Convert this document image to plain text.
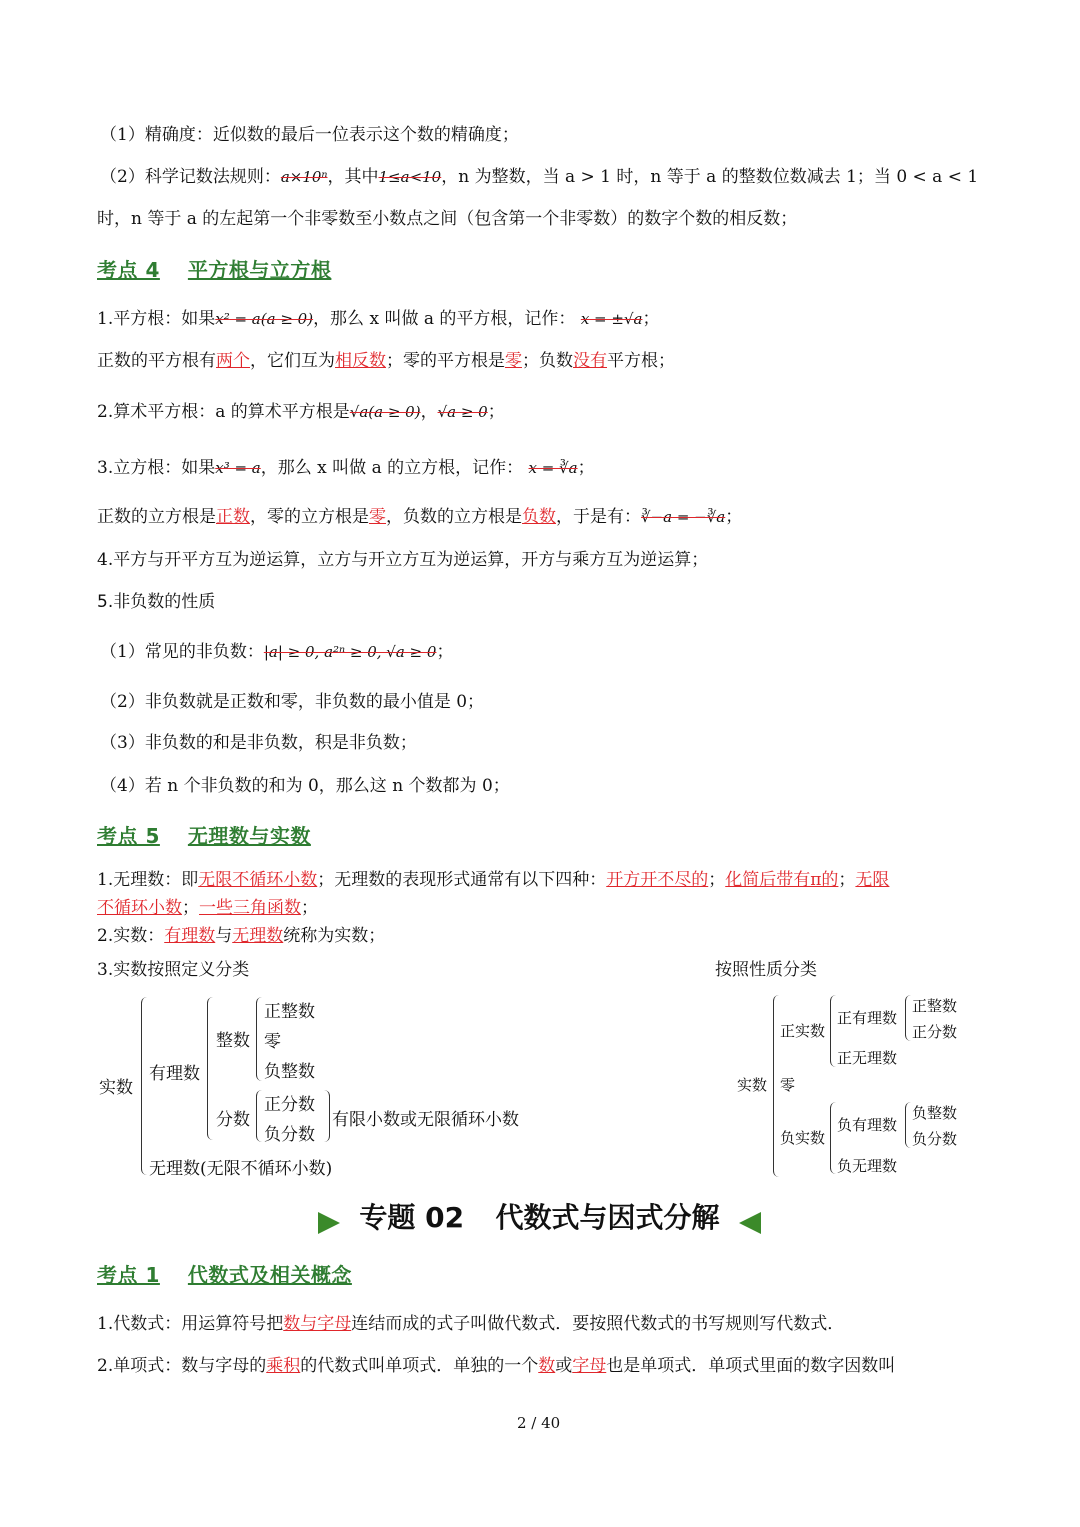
（1）精确度：近似数的最后一位表示这个数的精确度；
（2）科学记数法规则：a×10ⁿ，其中1≤a<10，n 为整数，当 a > 1 时，n 等于 a 的整数位数减去 1；当 0 < a < 1
时，n 等于 a 的左起第一个非零数至小数点之间（包含第一个非零数）的数字个数的相反数；
考点 4 平方根与立方根
1.平方根：如果x² = a(a ≥ 0)，那么 x 叫做 a 的平方根，记作： x = ±√a；
正数的平方根有两个，它们互为相反数；零的平方根是零；负数没有平方根；
2.算术平方根：a 的算术平方根是√a(a ≥ 0)，√a ≥ 0；
3.立方根：如果x³ = a，那么 x 叫做 a 的立方根，记作： x = ∛a；
正数的立方根是正数，零的立方根是零，负数的立方根是负数，于是有：∛−a = −∛a；
4.平方与开平方互为逆运算，立方与开立方互为逆运算，开方与乘方互为逆运算；
5.非负数的性质
（1）常见的非负数：|a| ≥ 0, a²ⁿ ≥ 0, √a ≥ 0；
（2）非负数就是正数和零，非负数的最小值是 0；
（3）非负数的和是非负数，积是非负数；
（4）若 n 个非负数的和为 0，那么这 n 个数都为 0；
考点 5 无理数与实数
1.无理数：即无限不循环小数；无理数的表现形式通常有以下四种：开方开不尽的；化简后带有π的；无限
不循环小数；一些三角函数；
2.实数：有理数与无理数统称为实数；
3.实数按照定义分类	按照性质分类
实数
有理数
整数
正整数
零
负整数
分数
正分数
负分数
有限小数或无限循环小数
无理数(无限不循环小数)
实数
正实数
正有理数
正整数
正分数
正无理数
零
负实数
负有理数
负整数
负分数
负无理数
专题 02 代数式与因式分解
考点 1 代数式及相关概念
1.代数式：用运算符号把数与字母连结而成的式子叫做代数式．要按照代数式的书写规则写代数式．
2.单项式：数与字母的乘积的代数式叫单项式．单独的一个数或字母也是单项式．单项式里面的数字因数叫
2 / 40
